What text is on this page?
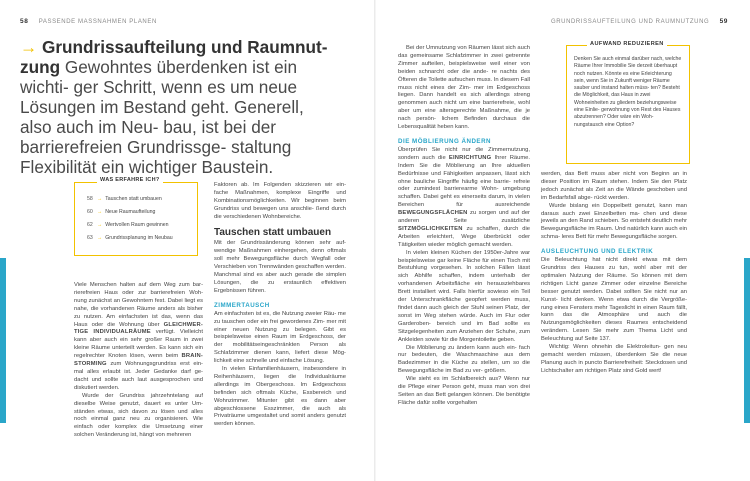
58 PASSENDE MASSNAHMEN PLANEN	GRUNDRISSAUFTEILUNG UND RAUMNUTZUNG 59

→ Grundrissaufteilung und Raumnut- zung Gewohntes überdenken ist ein wichti- ger Schritt, wenn es um neue Lösungen im Bestand geht. Generell, also auch im Neu- bau, ist bei der barrierefreien Grundrissge- staltung Flexibilität ein wichtiger Baustein.

WAS ERFAHRE ICH?
58 → Tauschen statt umbauen
60 → Neue Raumaufteilung
62 → Wertvollen Raum gewinnen
63 → Grundrissplanung im Neubau

Viele Menschen halten auf dem Weg zum bar- rierefreien Haus oder zur barrierefreien Woh- nung zunächst an Gewohntem fest. Dabei liegt es nahe, die vorhandenen Räume anders als bisher zu nutzen. Am einfachsten ist das, wenn das Haus oder die Wohnung über GLEICHWER- TIGE INDIVIDUALRÄUME verfügt. Vielleicht kann aber auch ein sehr großer Raum in zwei kleine Räume unterteilt werden. Es kann sich ein regelrechter Knoten lösen, wenn beim BRAIN- STORMING zum Wohnungsgrundriss erst ein- mal alles erlaubt ist. Jeder Gedanke darf ge- dacht und sollte auch laut ausgesprochen und diskutiert werden.

Wurde der Grundriss jahrzehntelang auf dieselbe Weise genutzt, dauert es unter Um- ständen etwas, sich davon zu lösen und alles noch einmal ganz neu zu organisieren. Wie einfach oder komplex die Umsetzung einer solchen Veränderung ist, hängt von mehreren

Faktoren ab. Im Folgenden skizzieren wir ein- fache Maßnahmen, komplexe Eingriffe und Kombinationsmöglichkeiten. Wir beginnen beim Grundriss und bewegen uns anschlie- ßend durch die verschiedenen Wohnbereiche.

Tauschen statt umbauen

Mit der Grundrissänderung können sehr auf- wendige Maßnahmen einhergehen, denn oftmals soll mehr Bewegungsfläche durch Wegfall oder Verschieben von Trennwänden geschaffen werden. Manchmal sind es aber auch gerade die simplen Lösungen, die zu erstaunlich effektiven Ergebnissen führen.

ZIMMERTAUSCH

Am einfachsten ist es, die Nutzung zweier Räu- me zu tauschen oder ein frei gewordenes Zim- mer mit einer neuen Nutzung zu belegen. Gibt es beispielsweise einen Raum im Erdgeschoss, der der mobilitätseingeschränkten Person als Schlafzimmer dienen kann, liefert diese Mög- lichkeit eine schnelle und einfache Lösung.

In vielen Einfamilienhäusern, insbesondere in Reihenhäusern, liegen die Individualräume allerdings im Obergeschoss. Im Erdgeschoss befinden sich oftmals Küche, Essbereich und Wohnzimmer. Mitunter gibt es dann aber abgeschlossene Esszimmer, die auch als Privaträume umgestaltet und somit anders genutzt werden können.

Bei der Umnutzung von Räumen lässt sich auch das gemeinsame Schlafzimmer in zwei getrennte Zimmer aufteilen, beispielsweise weil einer von beiden schnarcht oder die ande- re nachts des Öfteren die Toilette aufsuchen muss. In diesem Fall muss nicht eines der Zim- mer im Erdgeschoss liegen. Dann handelt es sich allerdings streng genommen auch nicht um eine barrierefreie, wohl aber um eine altersgerechte Maßnahme, die je nach persön- lichem Befinden durchaus die Lebensqualität heben kann.

DIE MÖBLIERUNG ÄNDERN

Überprüfen Sie nicht nur die Zimmernutzung, sondern auch die EINRICHTUNG Ihrer Räume. Indem Sie die Möblierung an Ihre aktuellen Bedürfnisse und Fähigkeiten anpassen, lässt sich ohne bauliche Eingriffe häufig eine barrie- refreie oder zumindest barrierearme Wohn- umgebung schaffen. Dabei geht es einerseits darum, in vielen Bereichen für ausreichende BEWEGUNGSFLÄCHEN zu sorgen und auf der anderen Seite zusätzliche SITZMÖGLICHKEITEN zu schaffen, durch die Arbeiten erleichtert, Wege überbrückt oder Tätigkeiten wieder möglich gemacht werden.

In vielen kleinen Küchen der 1950er-Jahre war beispielsweise gar keine Fläche für einen Tisch mit Bestuhlung vorgesehen. In solchen Fällen lässt sich Abhilfe schaffen, indem unterhalb der vorhandenen Arbeitsfläche ein herausziehbares Brett installiert wird. Falls hierfür sowieso ein Teil der Unterschrankfläche geopfert werden muss, findet dann auch gleich der Stuhl seinen Platz, der sonst im Weg stehen würde. Auch im Flur oder Garderoben- bereich und im Bad sollte es Sitzgelegenheiten zum Anziehen der Schuhe, zum Ankleiden sowie für die Morgentoilette geben.

Die Möblierung zu ändern kann auch ein- fach nur bedeuten, die Waschmaschine aus dem Badezimmer in die Küche zu stellen, um so die Bewegungsfläche im Bad zu ver- größern.

Wie sieht es im Schlafbereich aus? Wenn nur die Pflege einer Person geht, muss man von drei Seiten an das Bett gelangen können. Die benötigte Fläche dafür sollte vorgehalten

AUFWAND REDUZIEREN
Denken Sie auch einmal darüber nach, welche Räume Ihrer Immobilie Sie derzeit überhaupt noch nutzen. Könnte es eine Erleichterung sein, wenn Sie in Zukunft weniger Räume sauber und instand halten müss- ten? Besteht die Möglichkeit, das Haus in zwei Wohneinheiten zu gliedern beziehungsweise eine Einlie- gerwohnung von Rest des Hauses abzutrennen? Oder wäre ein Woh- nungstausch eine Option?

werden, das Bett muss aber nicht von Beginn an in dieser Position im Raum stehen. Indem Sie den Platz jedoch zunächst als Zeit an die Wände geschoben und im Bedarfsfall abge- rückt werden.

Wurde bislang ein Doppelbett genutzt, kann man daraus auch zwei Einzelbetten ma- chen und diese jeweils an den Rand schieben. So entsteht deutlich mehr Bewegungsfläche im Raum. Und natürlich kann auch ein schma- leres Bett für mehr Bewegungsfläche sorgen.

AUSLEUCHTUNG UND ELEKTRIK

Die Beleuchtung hat nicht direkt etwas mit dem Grundriss des Hauses zu tun, wohl aber mit der optimalen Nutzung der Räume. So können mit dem richtigen Licht ganze Zimmer oder einzelne Bereiche besser genutzt werden. Dabei sollten Sie nicht nur an Kunst- licht denken. Wenn etwa durch die Vergröße- rung eines Fensters mehr Tageslicht in einen Raum fällt, kann das die Atmosphäre und auch die Nutzungsmöglichkeiten dieses Raumes entscheidend verändern. Lesen Sie mehr zum Thema Licht und Beleuchtung auf Seite 137.

Wichtig: Wenn ohnehin die Elektroleitun- gen neu gemacht werden müssen, überdenken Sie die neue Planung auch in puncto Barrierefreiheit: Steckdosen und Lichtschalter am richtigen Platz sind Gold wert!
